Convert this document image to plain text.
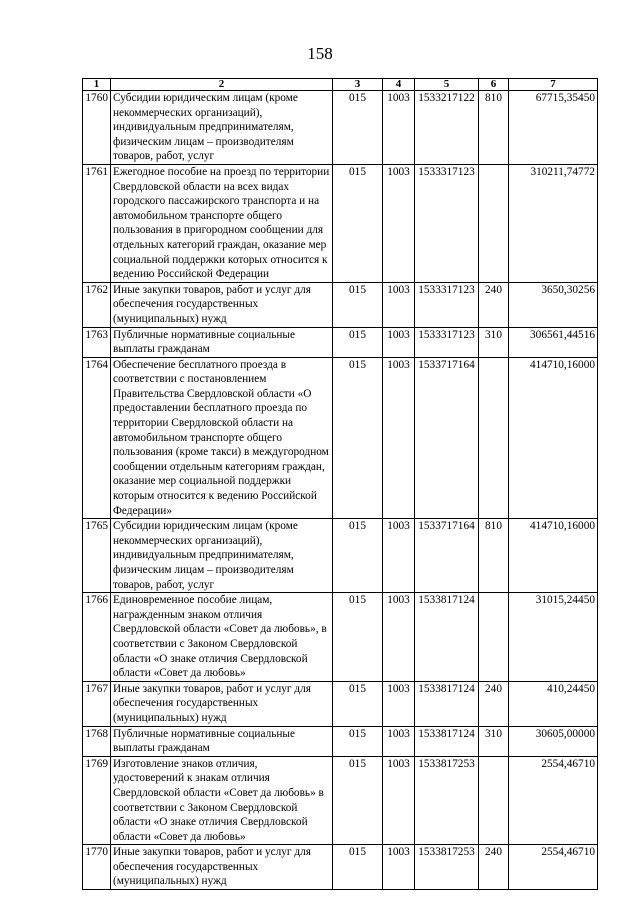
158
1	2	3	4	5	6	7
1760	Субсидии юридическим лицам (кроме некоммерческих организаций), индивидуальным предпринимателям, физическим лицам – производителям товаров, работ, услуг	015	1003	1533217122	810	67715,35450
1761	Ежегодное пособие на проезд по территории Свердловской области на всех видах городского пассажирского транспорта и на автомобильном транспорте общего пользования в пригородном сообщении для отдельных категорий граждан, оказание мер социальной поддержки которых относится к ведению Российской Федерации	015	1003	1533317123		310211,74772
1762	Иные закупки товаров, работ и услуг для обеспечения государственных (муниципальных) нужд	015	1003	1533317123	240	3650,30256
1763	Публичные нормативные социальные выплаты гражданам	015	1003	1533317123	310	306561,44516
1764	Обеспечение бесплатного проезда в соответствии с постановлением Правительства Свердловской области «О предоставлении бесплатного проезда по территории Свердловской области на автомобильном транспорте общего пользования (кроме такси) в междугородном сообщении отдельным категориям граждан, оказание мер социальной поддержки которым относится к ведению Российской Федерации»	015	1003	1533717164		414710,16000
1765	Субсидии юридическим лицам (кроме некоммерческих организаций), индивидуальным предпринимателям, физическим лицам – производителям товаров, работ, услуг	015	1003	1533717164	810	414710,16000
1766	Единовременное пособие лицам, награжденным знаком отличия Свердловской области «Совет да любовь», в соответствии с Законом Свердловской области «О знаке отличия Свердловской области «Совет да любовь»	015	1003	1533817124		31015,24450
1767	Иные закупки товаров, работ и услуг для обеспечения государственных (муниципальных) нужд	015	1003	1533817124	240	410,24450
1768	Публичные нормативные социальные выплаты гражданам	015	1003	1533817124	310	30605,00000
1769	Изготовление знаков отличия, удостоверений к знакам отличия Свердловской области «Совет да любовь» в соответствии с Законом Свердловской области «О знаке отличия Свердловской области «Совет да любовь»	015	1003	1533817253		2554,46710
1770	Иные закупки товаров, работ и услуг для обеспечения государственных (муниципальных) нужд	015	1003	1533817253	240	2554,46710
